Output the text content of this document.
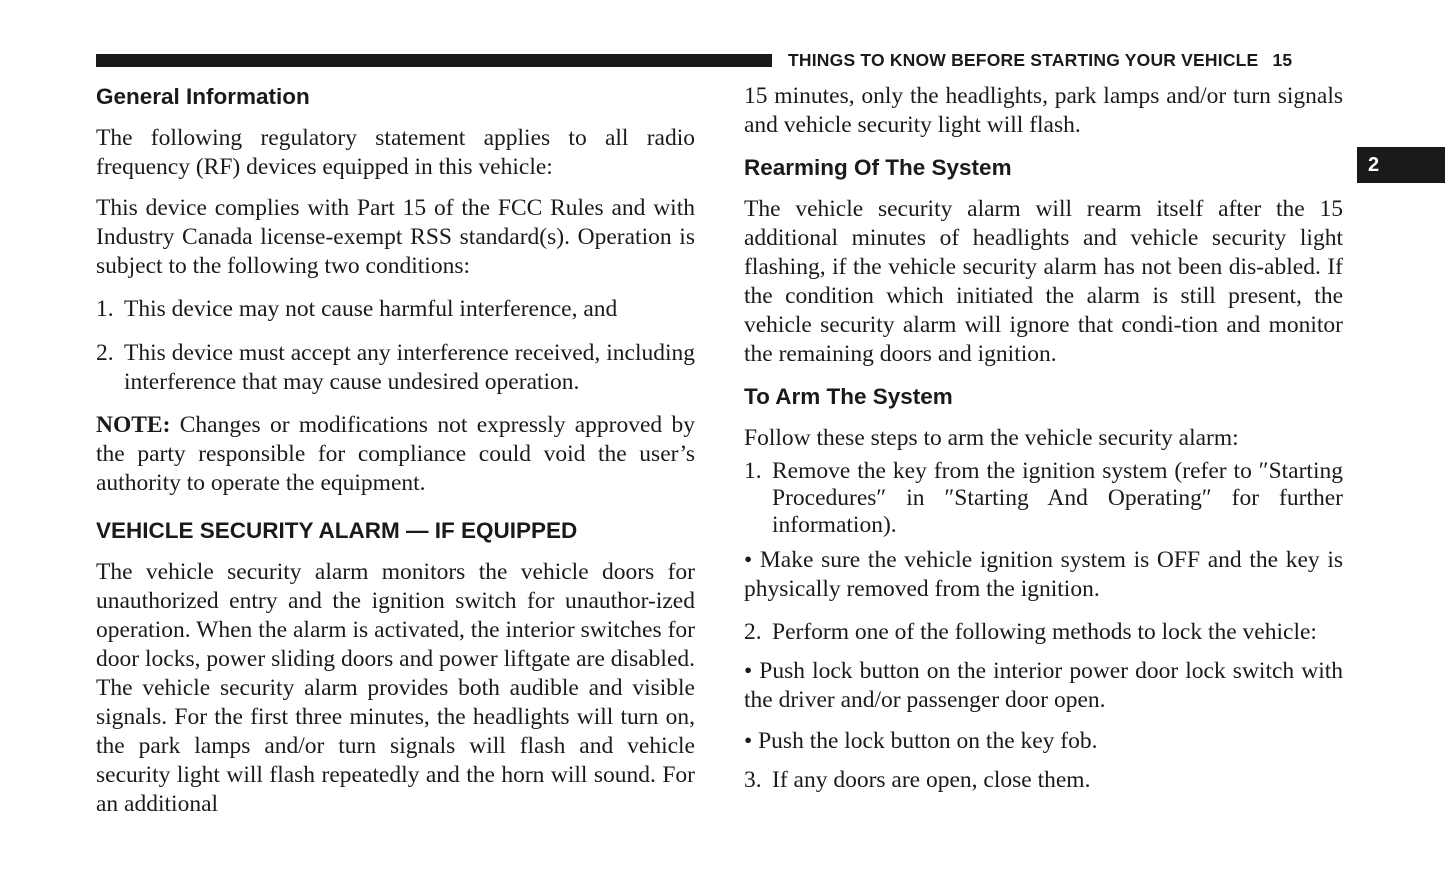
THINGS TO KNOW BEFORE STARTING YOUR VEHICLE 15
2
General Information

The following regulatory statement applies to all radio frequency (RF) devices equipped in this vehicle:

This device complies with Part 15 of the FCC Rules and with Industry Canada license-exempt RSS standard(s). Operation is subject to the following two conditions:

1. This device may not cause harmful interference, and
2. This device must accept any interference received, including interference that may cause undesired operation.

NOTE: Changes or modifications not expressly approved by the party responsible for compliance could void the user’s authority to operate the equipment.

VEHICLE SECURITY ALARM — IF EQUIPPED

The vehicle security alarm monitors the vehicle doors for unauthorized entry and the ignition switch for unauthor-ized operation. When the alarm is activated, the interior switches for door locks, power sliding doors and power liftgate are disabled. The vehicle security alarm provides both audible and visible signals. For the first three minutes, the headlights will turn on, the park lamps and/or turn signals will flash and vehicle security light will flash repeatedly and the horn will sound. For an additional

15 minutes, only the headlights, park lamps and/or turn signals and vehicle security light will flash.

Rearming Of The System

The vehicle security alarm will rearm itself after the 15 additional minutes of headlights and vehicle security light flashing, if the vehicle security alarm has not been dis-abled. If the condition which initiated the alarm is still present, the vehicle security alarm will ignore that condi-tion and monitor the remaining doors and ignition.

To Arm The System

Follow these steps to arm the vehicle security alarm:

1. Remove the key from the ignition system (refer to ″Starting Procedures″ in ″Starting And Operating″ for further information).
• Make sure the vehicle ignition system is OFF and the key is physically removed from the ignition.
2. Perform one of the following methods to lock the vehicle:
• Push lock button on the interior power door lock switch with the driver and/or passenger door open.
• Push the lock button on the key fob.
3. If any doors are open, close them.
